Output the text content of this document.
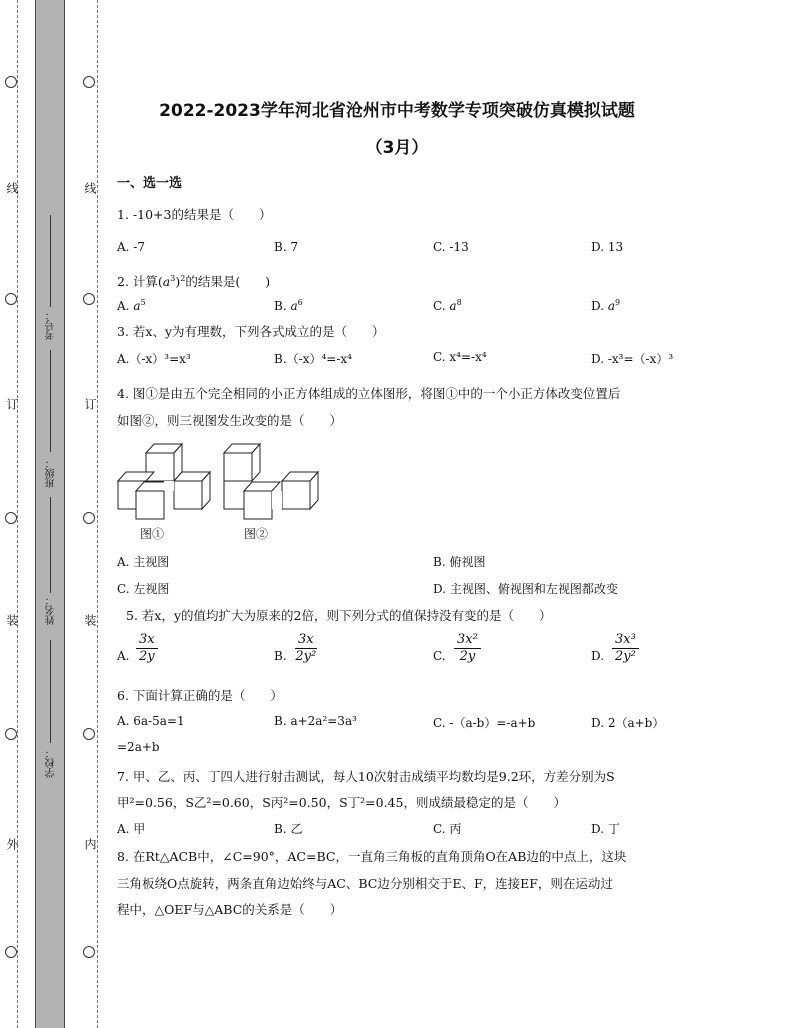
线
订
装
外
线
订
装
内
考号：
班级：
姓名：
学校：
2022-2023学年河北省沧州市中考数学专项突破仿真模拟试题
（3月）
一、选一选
1. -10+3的结果是（　　）
A. -7	B. 7	C. -13	D. 13
2. 计算$(a^3)^2$的结果是(　　)
A. $a^5$	B. $a^6$	C. $a^8$	D. $a^9$
3. 若x、y为有理数，下列各式成立的是（　　）
A.（-x）³=x³	B.（-x）⁴=-x⁴	C. x⁴=-x⁴	D. -x³=（-x）³
4. 图①是由五个完全相同的小正方体组成的立体图形，将图①中的一个小正方体改变位置后
如图②，则三视图发生改变的是（　　）
图①	图②
A. 主视图	B. 俯视图
C. 左视图	D. 主视图、俯视图和左视图都改变
5. 若x，y的值均扩大为原来的2倍，则下列分式的值保持没有变的是（　　）
A. $\frac{3x}{2y}$	B. $\frac{3x}{\text{2y²}}$	C. $\frac{\text{3x²}}{2y}$	D. $\frac{\text{3x³}}{\text{2y²}}$
6. 下面计算正确的是（　　）
A. 6a-5a=1	B. a+2a²=3a³	C. -（a-b）=-a+b	D. 2（a+b）
=2a+b
7. 甲、乙、丙、丁四人进行射击测试，每人10次射击成绩平均数均是9.2环，方差分别为S
甲²=0.56，S乙²=0.60，S丙²=0.50，S丁²=0.45，则成绩最稳定的是（　　）
A. 甲	B. 乙	C. 丙	D. 丁
8. 在Rt△ACB中，∠C=90°，AC=BC，一直角三角板的直角顶角O在AB边的中点上，这块
三角板绕O点旋转，两条直角边始终与AC、BC边分别相交于E、F，连接EF，则在运动过
程中，△OEF与△ABC的关系是（　　）
